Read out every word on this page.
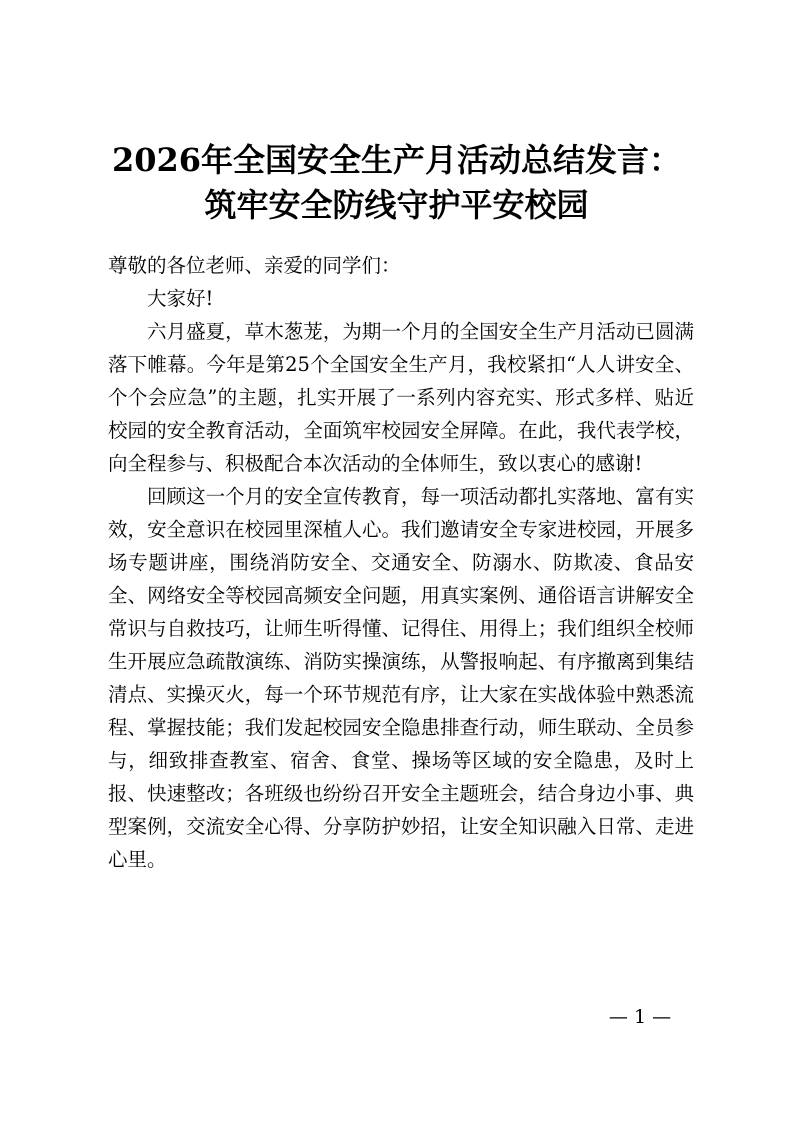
2026年全国安全生产月活动总结发言：筑牢安全防线守护平安校园

尊敬的各位老师、亲爱的同学们：

大家好!

六月盛夏，草木葱茏，为期一个月的全国安全生产月活动已圆满落下帷幕。今年是第25个全国安全生产月，我校紧扣“人人讲安全、个个会应急”的主题，扎实开展了一系列内容充实、形式多样、贴近校园的安全教育活动，全面筑牢校园安全屏障。在此，我代表学校，向全程参与、积极配合本次活动的全体师生，致以衷心的感谢!

回顾这一个月的安全宣传教育，每一项活动都扎实落地、富有实效，安全意识在校园里深植人心。我们邀请安全专家进校园，开展多场专题讲座，围绕消防安全、交通安全、防溺水、防欺凌、食品安全、网络安全等校园高频安全问题，用真实案例、通俗语言讲解安全常识与自救技巧，让师生听得懂、记得住、用得上；我们组织全校师生开展应急疏散演练、消防实操演练，从警报响起、有序撤离到集结清点、实操灭火，每一个环节规范有序，让大家在实战体验中熟悉流程、掌握技能；我们发起校园安全隐患排查行动，师生联动、全员参与，细致排查教室、宿舍、食堂、操场等区域的安全隐患，及时上报、快速整改；各班级也纷纷召开安全主题班会，结合身边小事、典型案例，交流安全心得、分享防护妙招，让安全知识融入日常、走进心里。

— 1 —
